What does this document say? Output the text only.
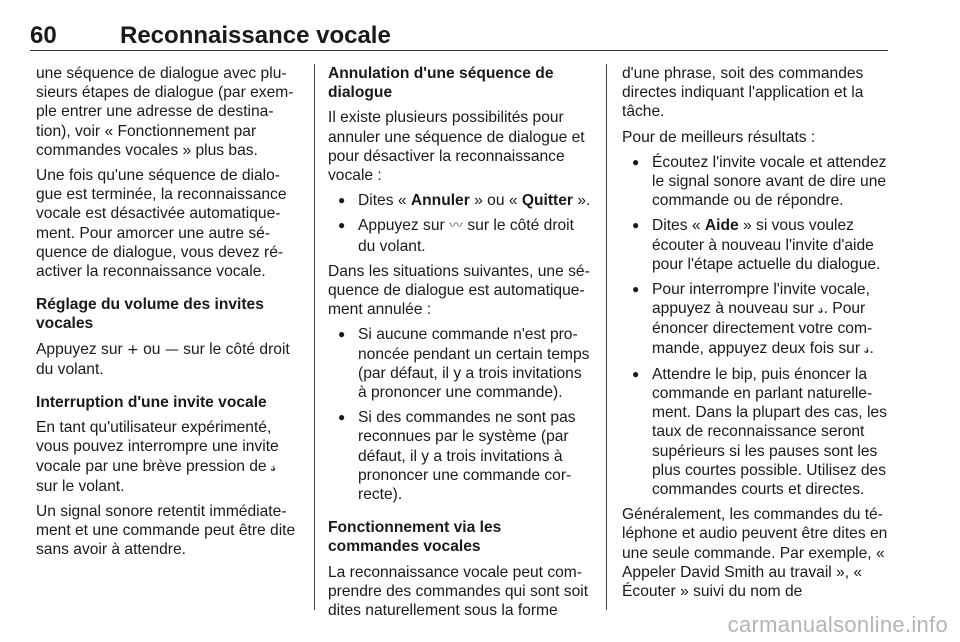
60	Reconnaissance vocale

une séquence de dialogue avec plusieurs étapes de dialogue (par exemple entrer une adresse de destination), voir « Fonctionnement par commandes vocales » plus bas.

Une fois qu'une séquence de dialogue est terminée, la reconnaissance vocale est désactivée automatiquement. Pour amorcer une autre séquence de dialogue, vous devez réactiver la reconnaissance vocale.

Réglage du volume des invites vocales

Appuyez sur + ou — sur le côté droit du volant.

Interruption d'une invite vocale

En tant qu'utilisateur expérimenté, vous pouvez interrompre une invite vocale par une brève pression de 𝓈 sur le volant.

Un signal sonore retentit immédiatement et une commande peut être dite sans avoir à attendre.

Annulation d'une séquence de dialogue

Il existe plusieurs possibilités pour annuler une séquence de dialogue et pour désactiver la reconnaissance vocale :

● Dites « Annuler » ou « Quitter ».
● Appuyez sur 〰 sur le côté droit du volant.

Dans les situations suivantes, une séquence de dialogue est automatiquement annulée :

● Si aucune commande n'est prononcée pendant un certain temps (par défaut, il y a trois invitations à prononcer une commande).
● Si des commandes ne sont pas reconnues par le système (par défaut, il y a trois invitations à prononcer une commande correcte).

Fonctionnement via les commandes vocales

La reconnaissance vocale peut comprendre des commandes qui sont soit dites naturellement sous la forme

d'une phrase, soit des commandes directes indiquant l'application et la tâche.

Pour de meilleurs résultats :

● Écoutez l'invite vocale et attendez le signal sonore avant de dire une commande ou de répondre.
● Dites « Aide » si vous voulez écouter à nouveau l'invite d'aide pour l'étape actuelle du dialogue.
● Pour interrompre l'invite vocale, appuyez à nouveau sur 𝓈. Pour énoncer directement votre commande, appuyez deux fois sur 𝓈.
● Attendre le bip, puis énoncer la commande en parlant naturellement. Dans la plupart des cas, les taux de reconnaissance seront supérieurs si les pauses sont les plus courtes possible. Utilisez des commandes courts et directes.

Généralement, les commandes du téléphone et audio peuvent être dites en une seule commande. Par exemple, « Appeler David Smith au travail », « Écouter » suivi du nom de

carmanualsonline.info
